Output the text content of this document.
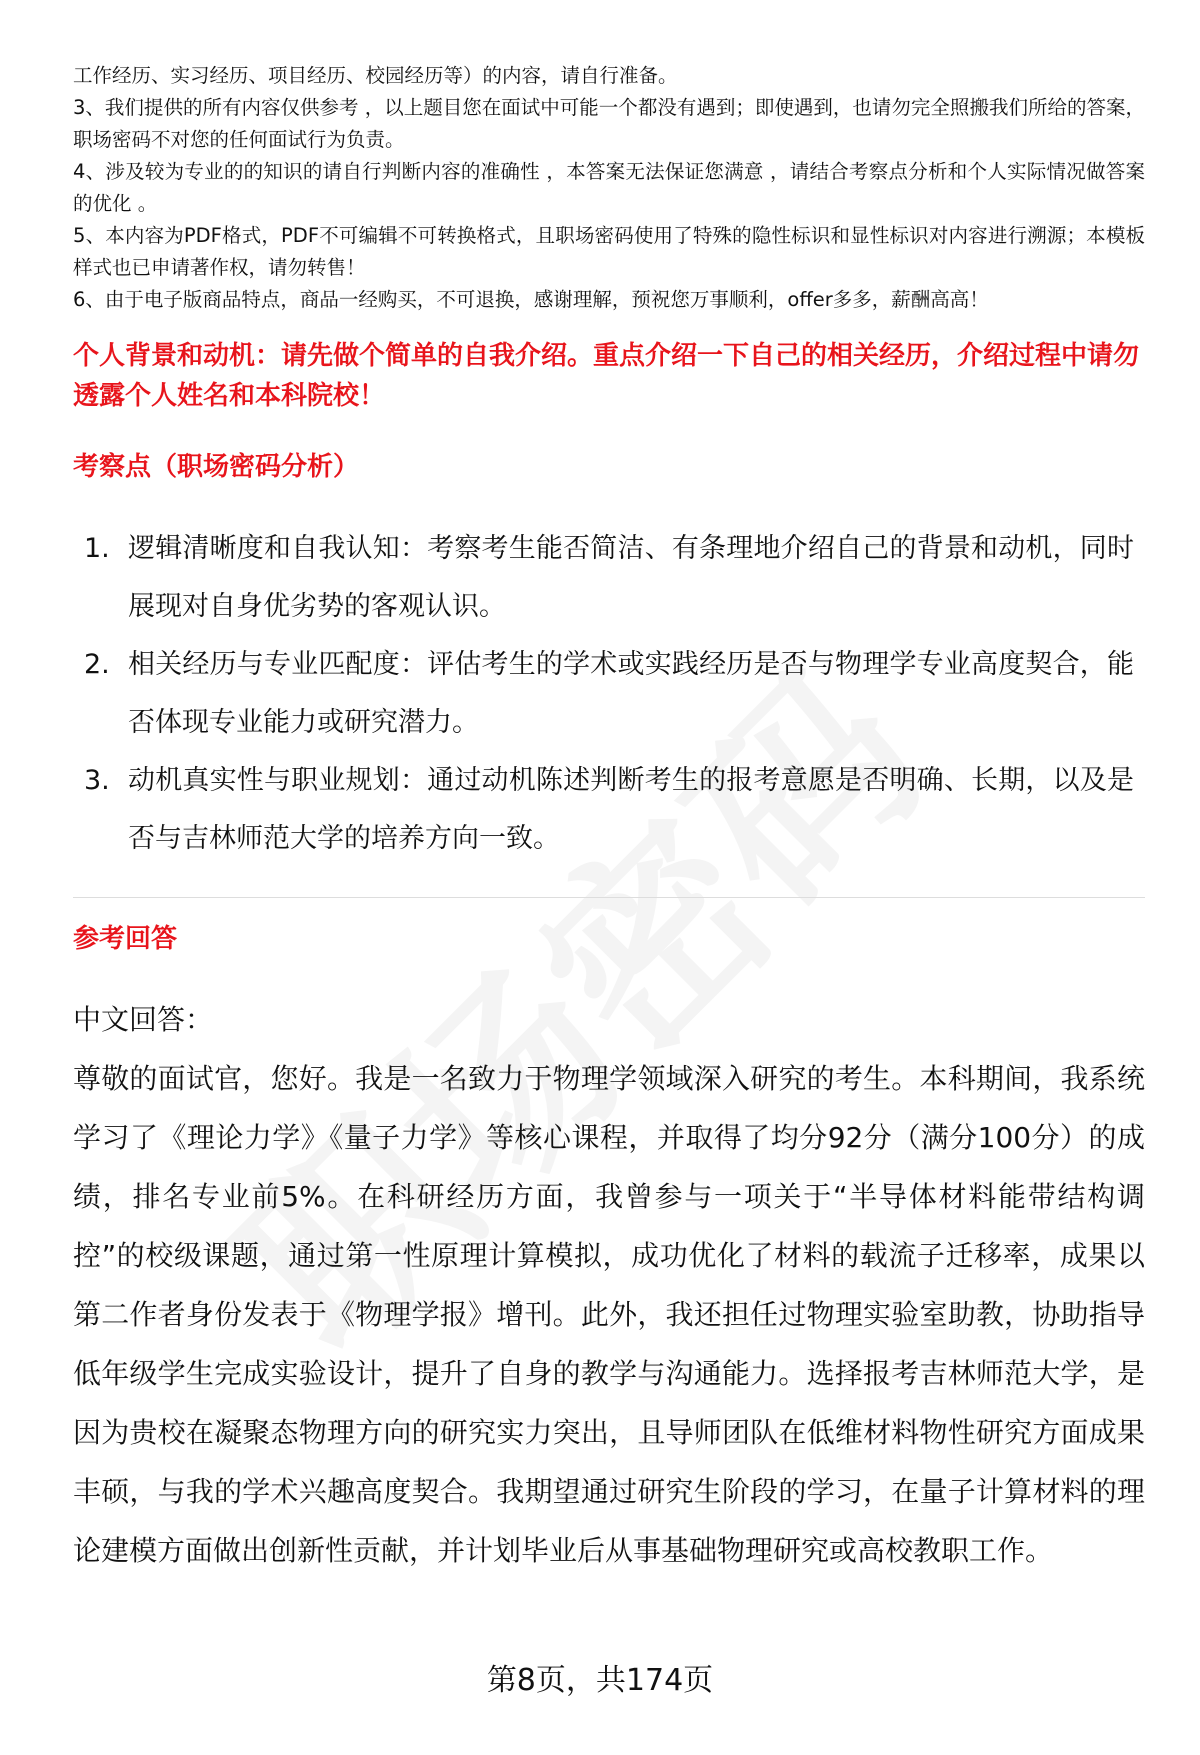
工作经历、实习经历、项目经历、校园经历等）的内容，请自行准备。

3、我们提供的所有内容仅供参考 ，以上题目您在面试中可能一个都没有遇到；即使遇到，也请勿完全照搬我们所给的答案，职场密码不对您的任何面试行为负责。

4、涉及较为专业的的知识的请自行判断内容的准确性 ，本答案无法保证您满意 ，请结合考察点分析和个人实际情况做答案的优化 。

5、本内容为PDF格式，PDF不可编辑不可转换格式，且职场密码使用了特殊的隐性标识和显性标识对内容进行溯源；本模板样式也已申请著作权，请勿转售！

6、由于电子版商品特点，商品一经购买，不可退换，感谢理解，预祝您万事顺利，offer多多，薪酬高高！

个人背景和动机：请先做个简单的自我介绍。重点介绍一下自己的相关经历，介绍过程中请勿透露个人姓名和本科院校！

考察点（职场密码分析）

1. 逻辑清晰度和自我认知：考察考生能否简洁、有条理地介绍自己的背景和动机，同时展现对自身优劣势的客观认识。
2. 相关经历与专业匹配度：评估考生的学术或实践经历是否与物理学专业高度契合，能否体现专业能力或研究潜力。
3. 动机真实性与职业规划：通过动机陈述判断考生的报考意愿是否明确、长期，以及是否与吉林师范大学的培养方向一致。

参考回答

中文回答：
尊敬的面试官，您好。我是一名致力于物理学领域深入研究的考生。本科期间，我系统学习了《理论力学》《量子力学》等核心课程，并取得了均分92分（满分100分）的成绩，排名专业前5%。在科研经历方面，我曾参与一项关于“半导体材料能带结构调控”的校级课题，通过第一性原理计算模拟，成功优化了材料的载流子迁移率，成果以第二作者身份发表于《物理学报》增刊。此外，我还担任过物理实验室助教，协助指导低年级学生完成实验设计，提升了自身的教学与沟通能力。选择报考吉林师范大学，是因为贵校在凝聚态物理方向的研究实力突出，且导师团队在低维材料物性研究方面成果丰硕，与我的学术兴趣高度契合。我期望通过研究生阶段的学习，在量子计算材料的理论建模方面做出创新性贡献，并计划毕业后从事基础物理研究或高校教职工作。

第8页，共174页
